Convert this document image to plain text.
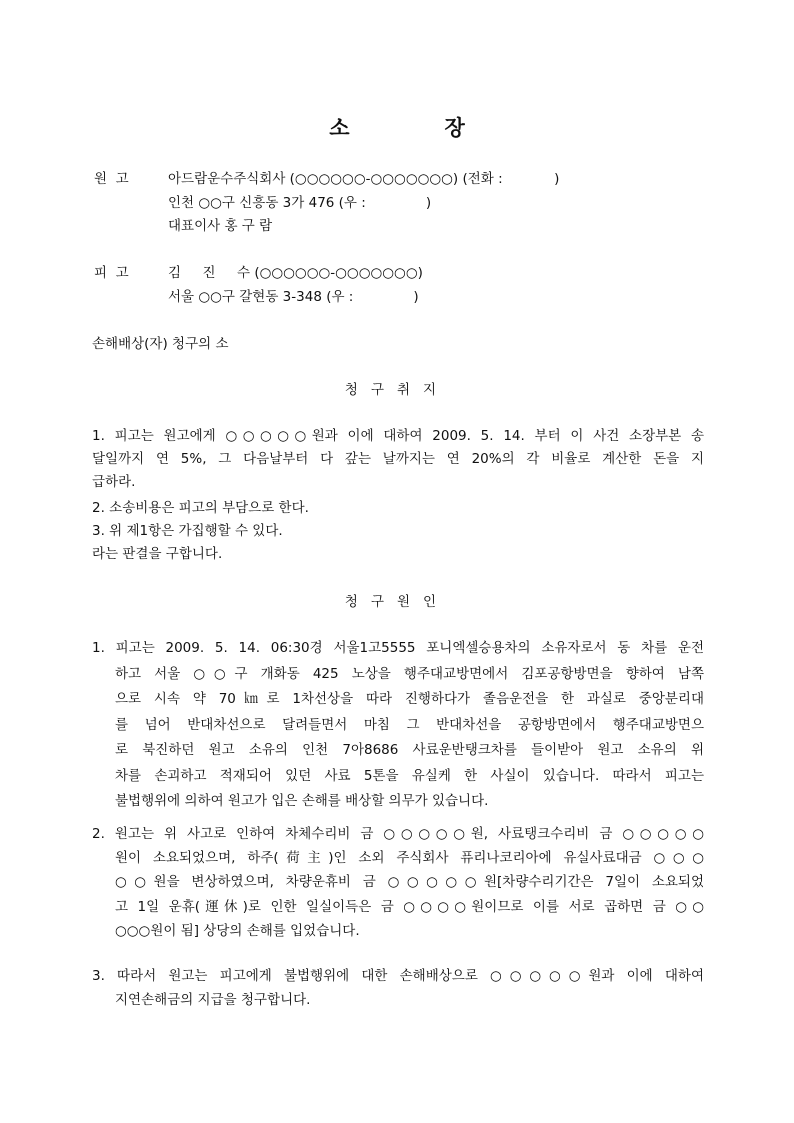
소	장
원  고	아드람운수주식회사 (○○○○○○-○○○○○○○) (전화 :            )
인천 ○○구 신흥동 3가 476 (우 :              )
대표이사 홍 구 람
피  고	김     진     수 (○○○○○○-○○○○○○○)
서울 ○○구 갈현동 3-348 (우 :              )
손해배상(자) 청구의 소
청구취지
1. 피고는 원고에게 ○○○○○원과 이에 대하여 2009. 5. 14. 부터 이 사건 소장부본 송
달일까지 연 5%, 그 다음날부터 다 갚는 날까지는 연 20%의 각 비율로 계산한 돈을 지
급하라.
2. 소송비용은 피고의 부담으로 한다.
3. 위 제1항은 가집행할 수 있다.
라는 판결을 구합니다.
청구원인
1. 피고는 2009. 5. 14. 06:30경 서울1고5555 포니엑셀승용차의 소유자로서 동 차를 운전
하고 서울 ○○구 개화동 425 노상을 행주대교방면에서 김포공항방면을 향하여 남쪽
으로 시속 약 70㎞로 1차선상을 따라 진행하다가 졸음운전을 한 과실로 중앙분리대
를 넘어 반대차선으로 달려들면서 마침 그 반대차선을 공항방면에서 행주대교방면으
로 북진하던 원고 소유의 인천 7아8686 사료운반탱크차를 들이받아 원고 소유의 위
차를 손괴하고 적재되어 있던 사료 5톤을 유실케 한 사실이 있습니다. 따라서 피고는
불법행위에 의하여 원고가 입은 손해를 배상할 의무가 있습니다.
2. 원고는 위 사고로 인하여 차체수리비 금 ○○○○○원, 사료탱크수리비 금 ○○○○○
원이 소요되었으며, 하주(荷主)인 소외 주식회사 퓨리나코리아에 유실사료대금 ○○○
○○원을 변상하였으며, 차량운휴비 금 ○○○○○원[차량수리기간은 7일이 소요되었
고 1일 운휴(運休)로 인한 일실이득은 금 ○○○○원이므로 이를 서로 곱하면 금 ○○
○○○원이 됨] 상당의 손해를 입었습니다.
3. 따라서 원고는 피고에게 불법행위에 대한 손해배상으로 ○○○○○원과 이에 대하여
지연손해금의 지급을 청구합니다.
